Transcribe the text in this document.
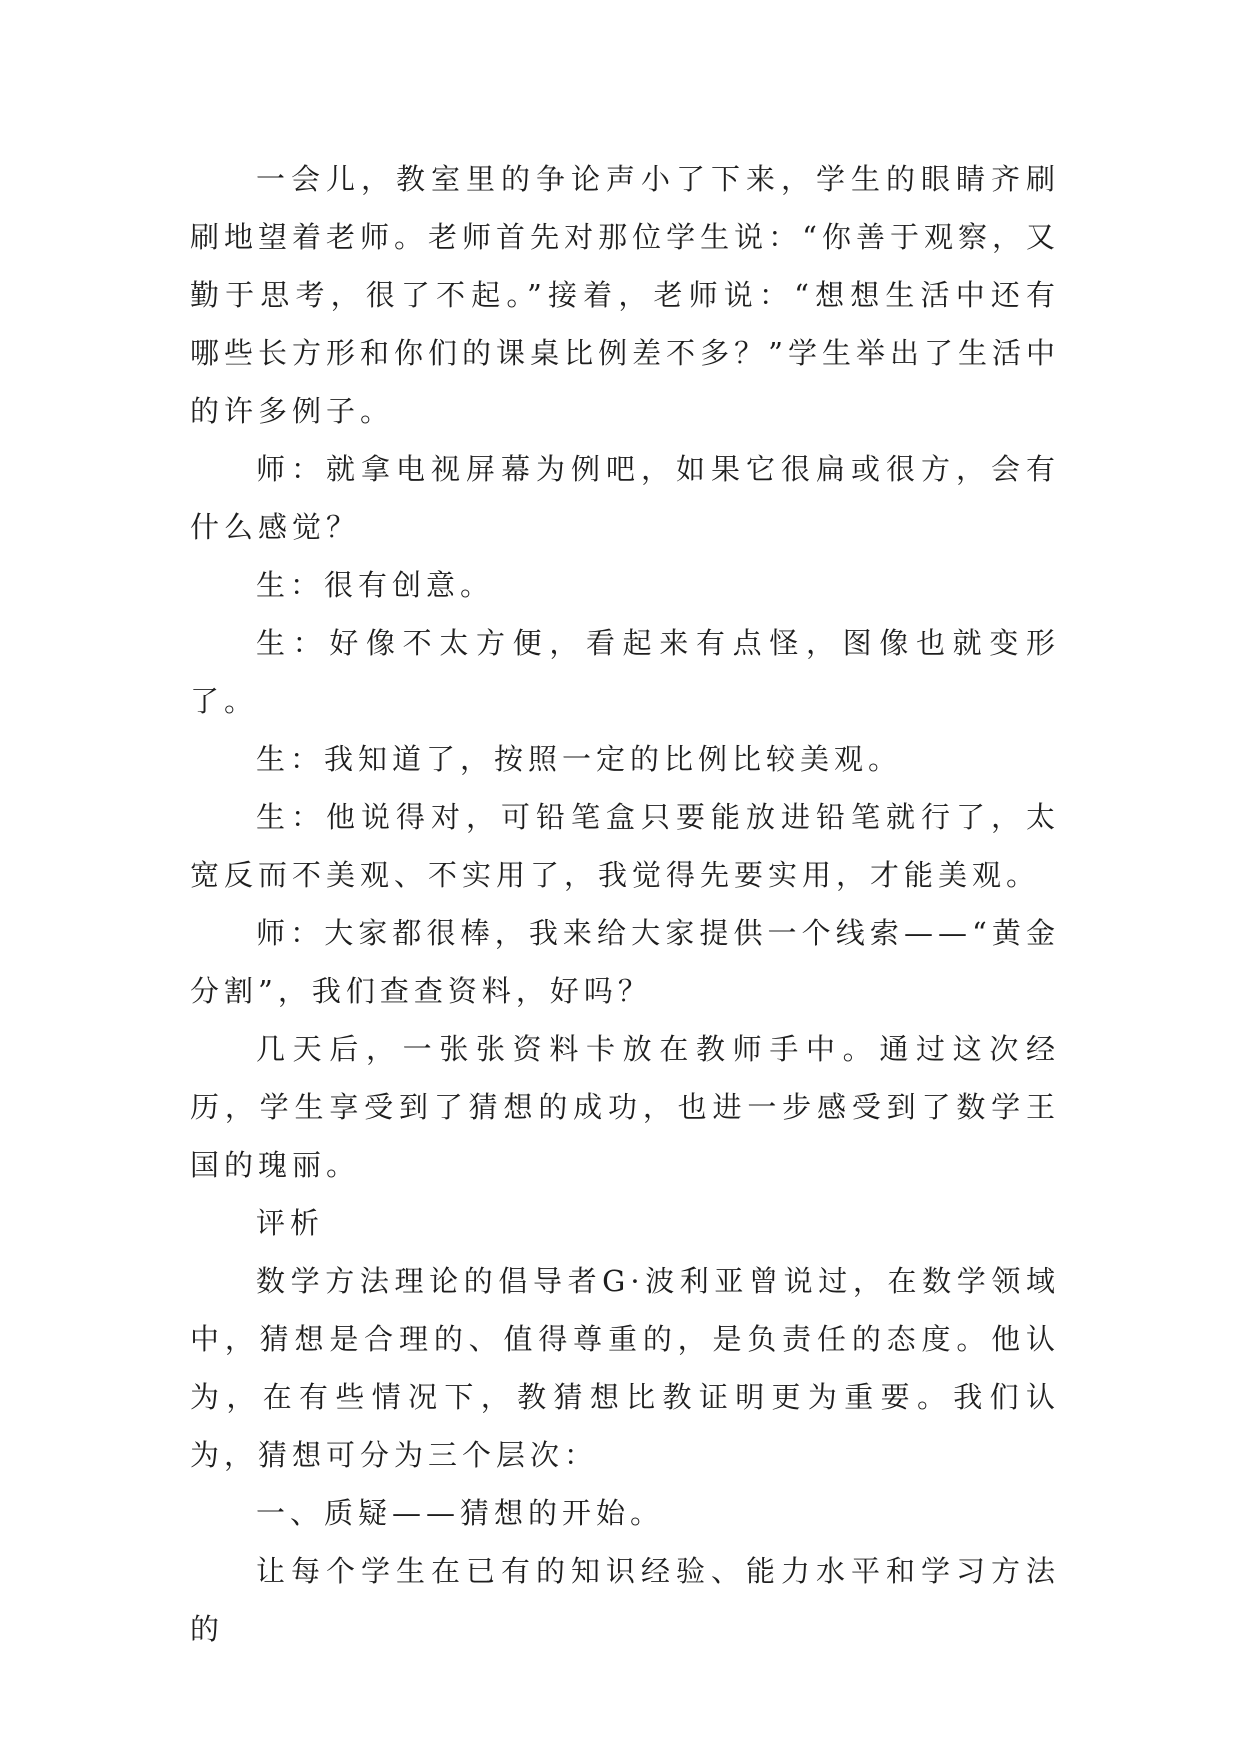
一会儿，教室里的争论声小了下来，学生的眼睛齐刷刷地望着老师。老师首先对那位学生说：“你善于观察，又勤于思考，很了不起。”接着，老师说：“想想生活中还有哪些长方形和你们的课桌比例差不多？”学生举出了生活中的许多例子。

师：就拿电视屏幕为例吧，如果它很扁或很方，会有什么感觉？

生：很有创意。

生：好像不太方便，看起来有点怪，图像也就变形了。

生：我知道了，按照一定的比例比较美观。

生：他说得对，可铅笔盒只要能放进铅笔就行了，太宽反而不美观、不实用了，我觉得先要实用，才能美观。

师：大家都很棒，我来给大家提供一个线索——“黄金分割”，我们查查资料，好吗？

几天后，一张张资料卡放在教师手中。通过这次经历，学生享受到了猜想的成功，也进一步感受到了数学王国的瑰丽。

评析

数学方法理论的倡导者G·波利亚曾说过，在数学领域中，猜想是合理的、值得尊重的，是负责任的态度。他认为，在有些情况下，教猜想比教证明更为重要。我们认为，猜想可分为三个层次：

一、质疑——猜想的开始。

让每个学生在已有的知识经验、能力水平和学习方法的
